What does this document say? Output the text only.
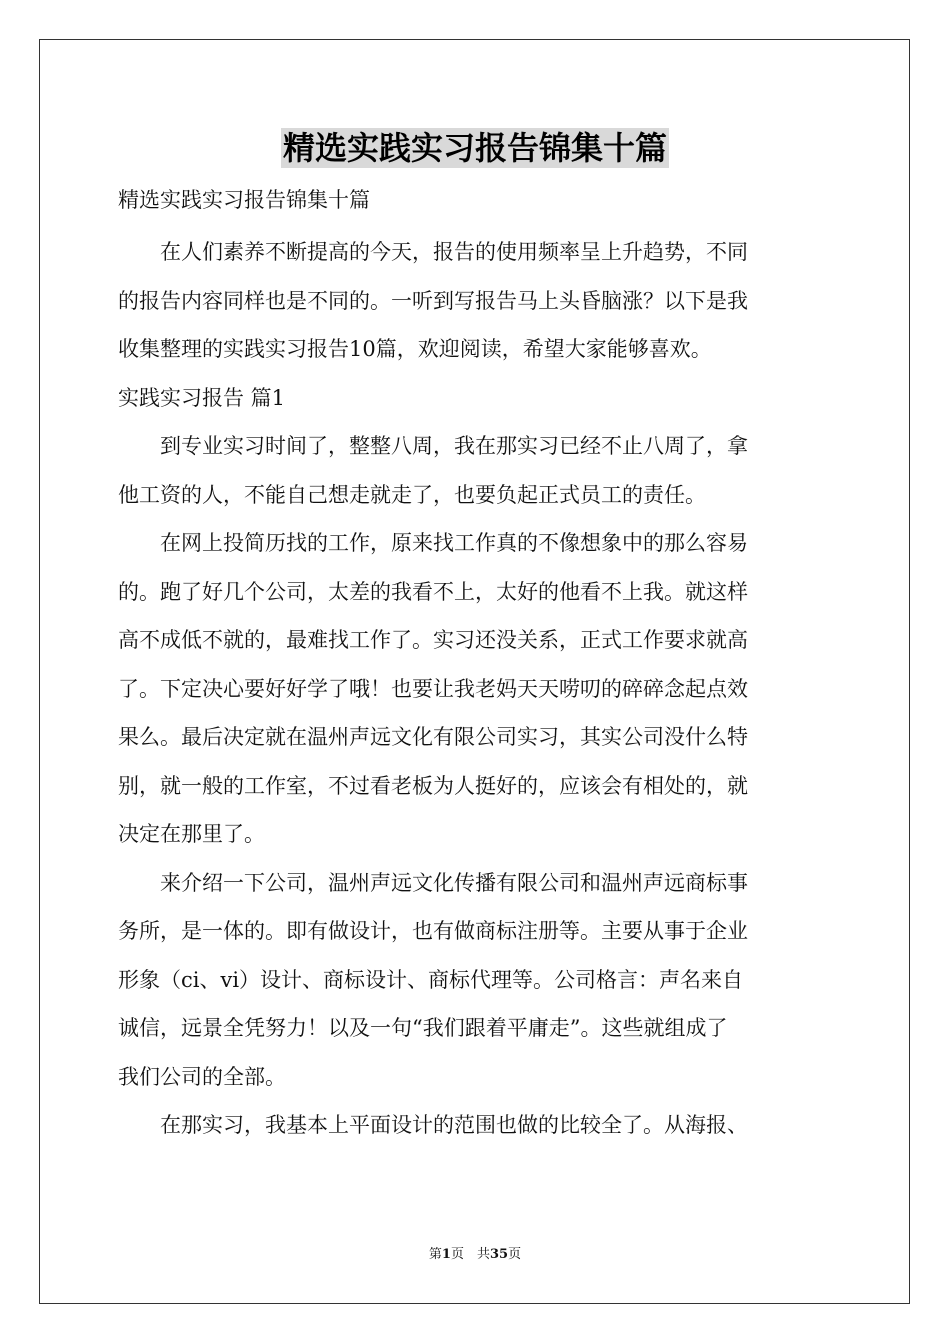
精选实践实习报告锦集十篇
精选实践实习报告锦集十篇
　　在人们素养不断提高的今天，报告的使用频率呈上升趋势，不同
的报告内容同样也是不同的。一听到写报告马上头昏脑涨？以下是我
收集整理的实践实习报告10篇，欢迎阅读，希望大家能够喜欢。
实践实习报告 篇1
　　到专业实习时间了，整整八周，我在那实习已经不止八周了，拿
他工资的人，不能自己想走就走了，也要负起正式员工的责任。
　　在网上投简历找的工作，原来找工作真的不像想象中的那么容易
的。跑了好几个公司，太差的我看不上，太好的他看不上我。就这样
高不成低不就的，最难找工作了。实习还没关系，正式工作要求就高
了。下定决心要好好学了哦！也要让我老妈天天唠叨的碎碎念起点效
果么。最后决定就在温州声远文化有限公司实习，其实公司没什么特
别，就一般的工作室，不过看老板为人挺好的，应该会有相处的，就
决定在那里了。
　　来介绍一下公司，温州声远文化传播有限公司和温州声远商标事
务所，是一体的。即有做设计，也有做商标注册等。主要从事于企业
形象（ci、vi）设计、商标设计、商标代理等。公司格言：声名来自
诚信，远景全凭努力！以及一句“我们跟着平庸走”。这些就组成了
我们公司的全部。
　　在那实习，我基本上平面设计的范围也做的比较全了。从海报、
第1页　共35页
